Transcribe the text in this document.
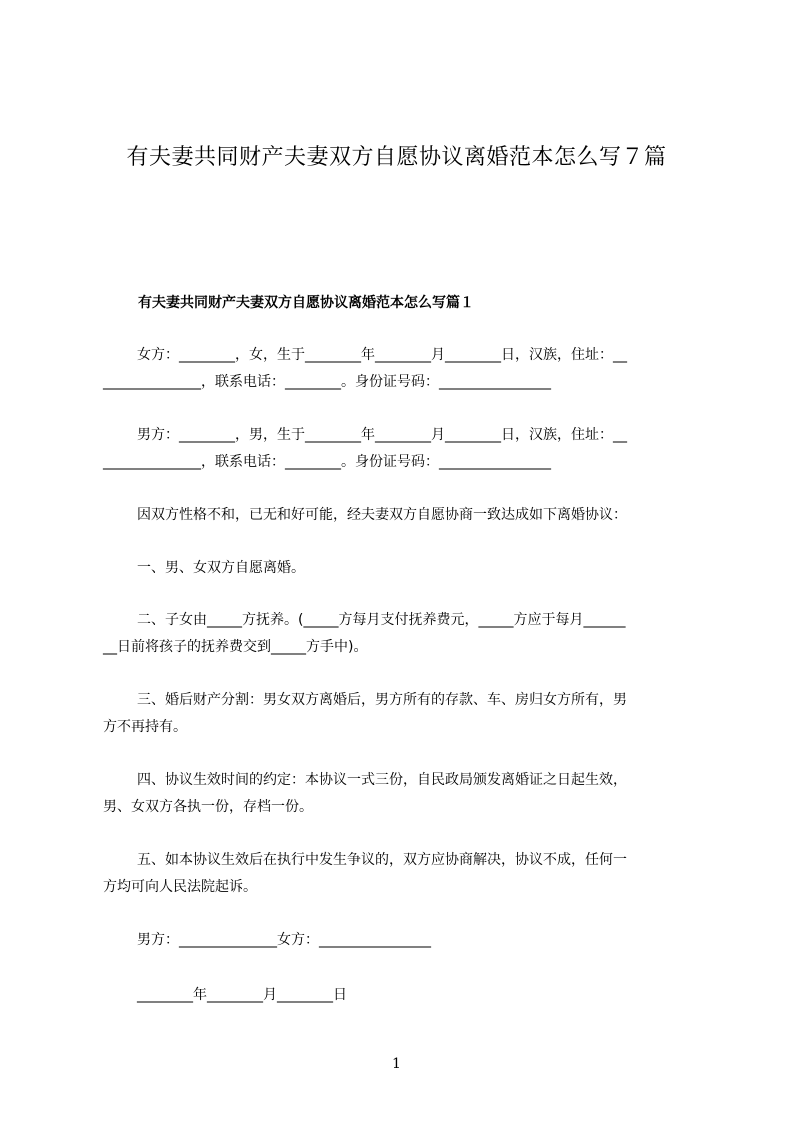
有夫妻共同财产夫妻双方自愿协议离婚范本怎么写７篇
有夫妻共同财产夫妻双方自愿协议离婚范本怎么写篇１
女方：________，女，生于________年________月________日，汉族，住址：__
______________，联系电话：________。身份证号码：________________
男方：________，男，生于________年________月________日，汉族，住址：__
______________，联系电话：________。身份证号码：________________
因双方性格不和，已无和好可能，经夫妻双方自愿协商一致达成如下离婚协议：
一、男、女双方自愿离婚。
二、子女由_____方抚养。(_____方每月支付抚养费元，_____方应于每月______
__日前将孩子的抚养费交到_____方手中)。
三、婚后财产分割：男女双方离婚后，男方所有的存款、车、房归女方所有，男
方不再持有。
四、协议生效时间的约定：本协议一式三份，自民政局颁发离婚证之日起生效，
男、女双方各执一份，存档一份。
五、如本协议生效后在执行中发生争议的，双方应协商解决，协议不成，任何一
方均可向人民法院起诉。
男方：______________女方：________________
________年________月________日
1
